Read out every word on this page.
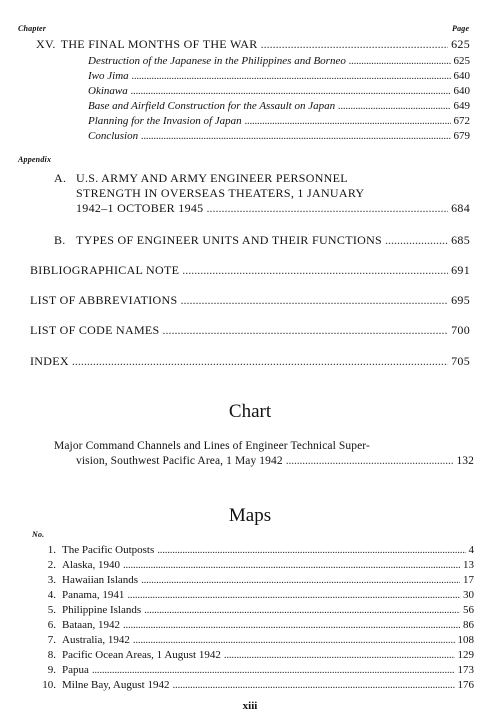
Chapter	Page
XV. THE FINAL MONTHS OF THE WAR . . .	625
Destruction of the Japanese in the Philippines and Borneo . . .	625
Iwo Jima . . .	640
Okinawa . . .	640
Base and Airfield Construction for the Assault on Japan . . .	649
Planning for the Invasion of Japan . . .	672
Conclusion . . .	679
Appendix
A. U.S. ARMY AND ARMY ENGINEER PERSONNEL
STRENGTH IN OVERSEAS THEATERS, 1 JANUARY
1942–1 OCTOBER 1945 . . .	684
B. TYPES OF ENGINEER UNITS AND THEIR FUNCTIONS . . .	685
BIBLIOGRAPHICAL NOTE . . .	691
LIST OF ABBREVIATIONS . . .	695
LIST OF CODE NAMES . . .	700
INDEX . . .	705
Chart
Major Command Channels and Lines of Engineer Technical Super-
vision, Southwest Pacific Area, 1 May 1942 . . .	132
Maps
No.
1. The Pacific Outposts . . .	4
2. Alaska, 1940 . . .	13
3. Hawaiian Islands . . .	17
4. Panama, 1941 . . .	30
5. Philippine Islands . . .	56
6. Bataan, 1942 . . .	86
7. Australia, 1942 . . .	108
8. Pacific Ocean Areas, 1 August 1942 . . .	129
9. Papua . . .	173
10. Milne Bay, August 1942 . . .	176
xiii
